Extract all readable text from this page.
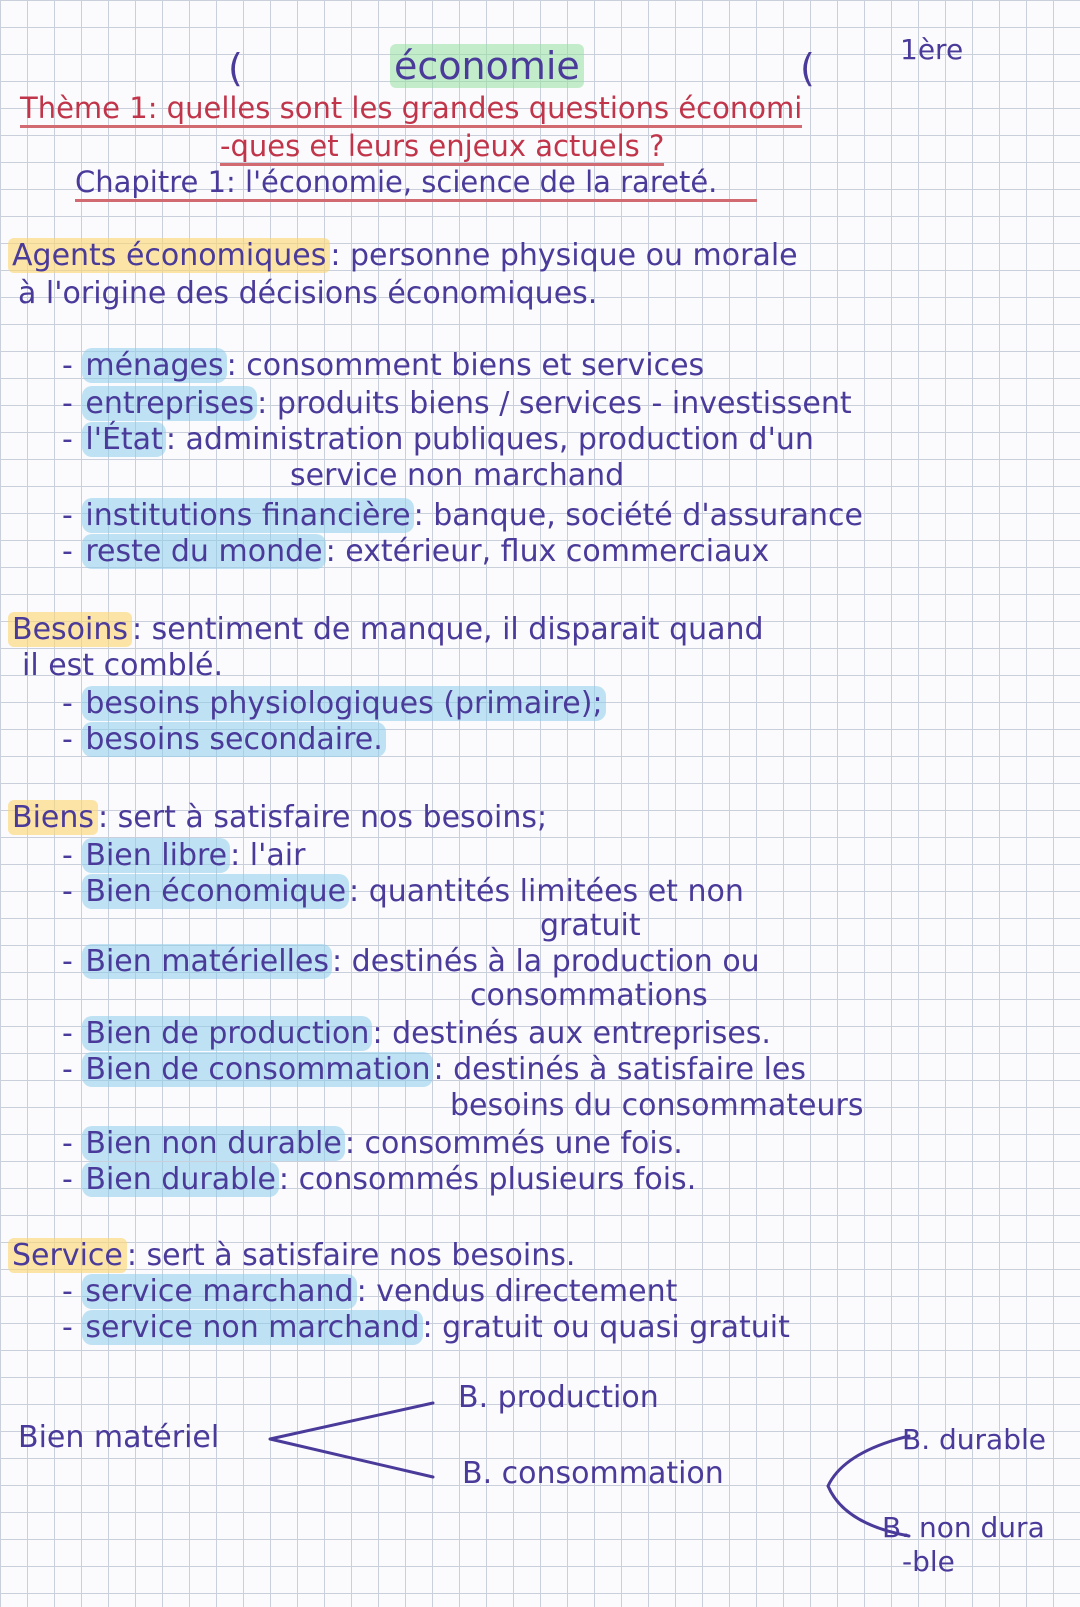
(	économie	(	1ère
Thème 1: quelles sont les grandes questions économi
-ques et leurs enjeux actuels ?
Chapitre 1: l'économie, science de la rareté.
Agents économiques : personne physique ou morale
à l'origine des décisions économiques.
- ménages : consomment biens et services
- entreprises : produits biens / services - investissent
- l'État : administration publiques, production d'un
service non marchand
- institutions financière : banque, société d'assurance
- reste du monde : extérieur, flux commerciaux
Besoins : sentiment de manque, il disparait quand
il est comblé.
- besoins physiologiques (primaire);
- besoins secondaire.
Biens : sert à satisfaire nos besoins;
- Bien libre : l'air
- Bien économique : quantités limitées et non
gratuit
- Bien matérielles : destinés à la production ou
consommations
- Bien de production : destinés aux entreprises.
- Bien de consommation : destinés à satisfaire les
besoins du consommateurs
- Bien non durable : consommés une fois.
- Bien durable : consommés plusieurs fois.
Service : sert à satisfaire nos besoins.
- service marchand : vendus directement
- service non marchand : gratuit ou quasi gratuit
Bien matériel
B. production
B. consommation
B. durable
B. non dura
-ble
